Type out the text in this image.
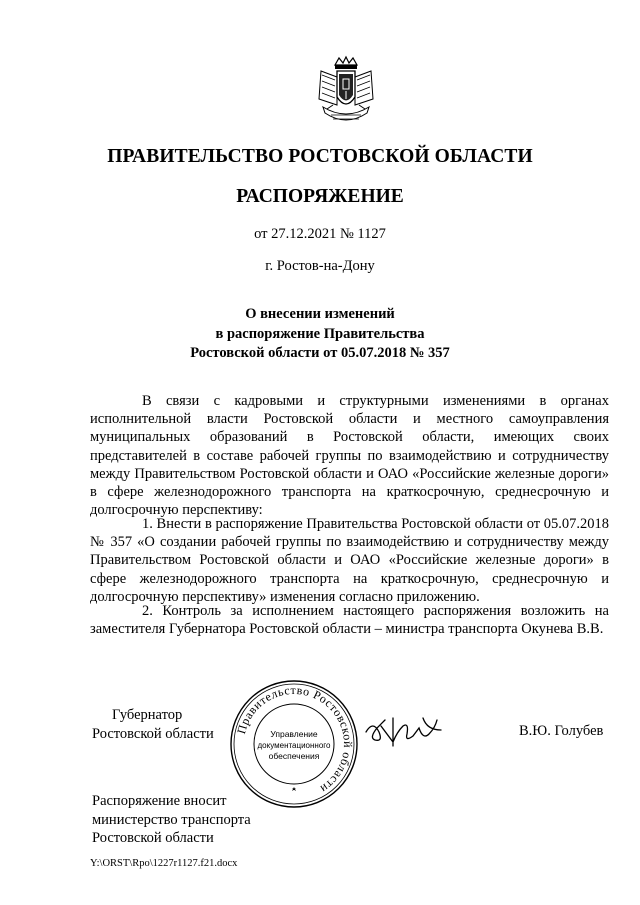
ПРАВИТЕЛЬСТВО РОСТОВСКОЙ ОБЛАСТИ
РАСПОРЯЖЕНИЕ
от 27.12.2021 № 1127
г. Ростов-на-Дону
О внесении изменений
в распоряжение Правительства
Ростовской области от 05.07.2018 № 357

В связи с кадровыми и структурными изменениями в органах исполнительной власти Ростовской области и местного самоуправления муниципальных образований в Ростовской области, имеющих своих представителей в составе рабочей группы по взаимодействию и сотрудничеству между Правительством Ростовской области и ОАО «Российские железные дороги» в сфере железнодорожного транспорта на краткосрочную, среднесрочную и долгосрочную перспективу:

1. Внести в распоряжение Правительства Ростовской области от 05.07.2018 № 357 «О создании рабочей группы по взаимодействию и сотрудничеству между Правительством Ростовской области и ОАО «Российские железные дороги» в сфере железнодорожного транспорта на краткосрочную, среднесрочную и долгосрочную перспективу» изменения согласно приложению.

2. Контроль за исполнением настоящего распоряжения возложить на заместителя Губернатора Ростовской области – министра транспорта Окунева В.В.

Губернатор
Ростовской области Правительство Ростовской области
Управление
документационного
обеспечения
В.Ю. Голубев
Распоряжение вносит
министерство транспорта
Ростовской области
Y:\ORST\Rpo\1227r1127.f21.docx
